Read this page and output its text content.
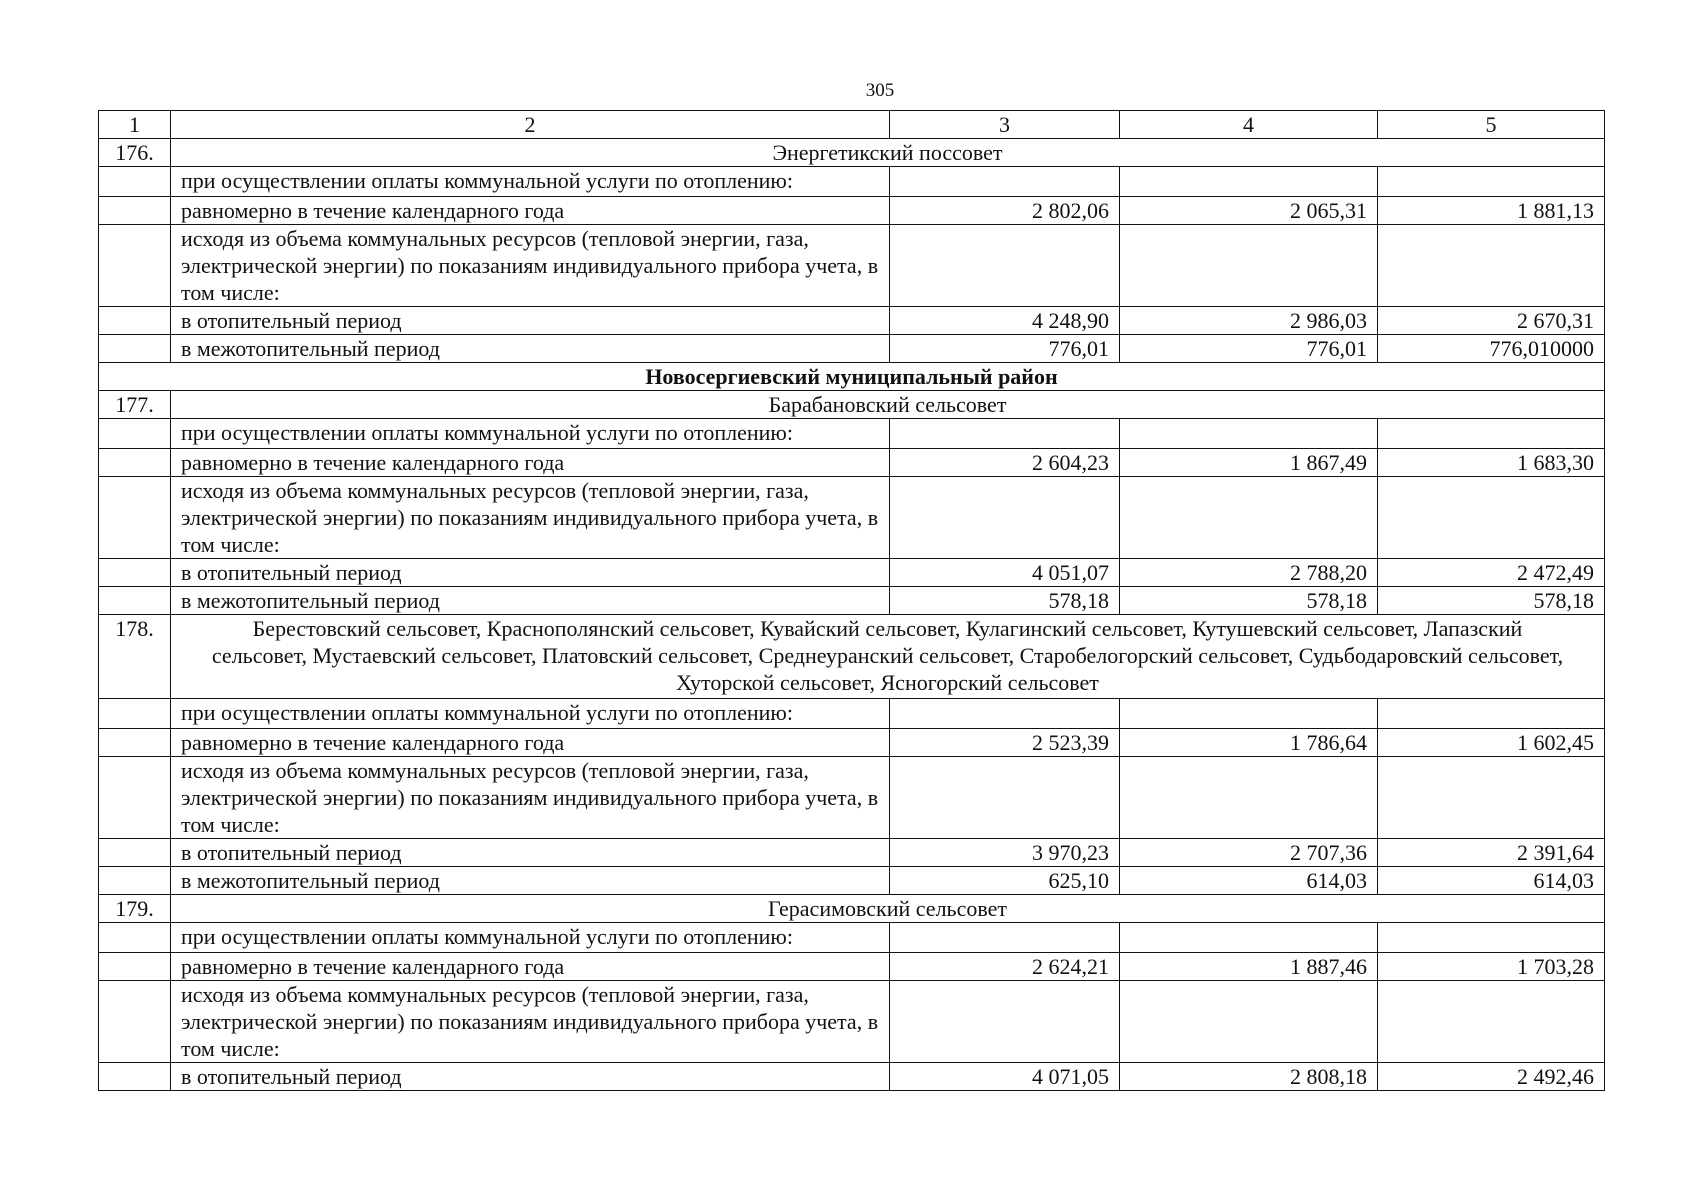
305
1	2	3	4	5
176.	Энергетикский поссовет			
	при осуществлении оплаты коммунальной услуги по отоплению:			
	равномерно в течение календарного года	2 802,06	2 065,31	1 881,13
	исходя из объема коммунальных ресурсов (тепловой энергии, газа, электрической энергии) по показаниям индивидуального прибора учета, в том числе:			
	в отопительный период	4 248,90	2 986,03	2 670,31
	в межотопительный период	776,01	776,01	776,010000
Новосергиевский муниципальный район				
177.	Барабановский сельсовет			
	при осуществлении оплаты коммунальной услуги по отоплению:			
	равномерно в течение календарного года	2 604,23	1 867,49	1 683,30
	исходя из объема коммунальных ресурсов (тепловой энергии, газа, электрической энергии) по показаниям индивидуального прибора учета, в том числе:			
	в отопительный период	4 051,07	2 788,20	2 472,49
	в межотопительный период	578,18	578,18	578,18
178.	Берестовский сельсовет, Краснополянский сельсовет, Кувайский сельсовет, Кулагинский сельсовет, Кутушевский сельсовет, Лапазский сельсовет, Мустаевский сельсовет, Платовский сельсовет, Среднеуранский сельсовет, Старобелогорский сельсовет, Судьбодаровский сельсовет, Хуторской сельсовет, Ясногорский сельсовет			
	при осуществлении оплаты коммунальной услуги по отоплению:			
	равномерно в течение календарного года	2 523,39	1 786,64	1 602,45
	исходя из объема коммунальных ресурсов (тепловой энергии, газа, электрической энергии) по показаниям индивидуального прибора учета, в том числе:			
	в отопительный период	3 970,23	2 707,36	2 391,64
	в межотопительный период	625,10	614,03	614,03
179.	Герасимовский сельсовет			
	при осуществлении оплаты коммунальной услуги по отоплению:			
	равномерно в течение календарного года	2 624,21	1 887,46	1 703,28
	исходя из объема коммунальных ресурсов (тепловой энергии, газа, электрической энергии) по показаниям индивидуального прибора учета, в том числе:			
	в отопительный период	4 071,05	2 808,18	2 492,46
